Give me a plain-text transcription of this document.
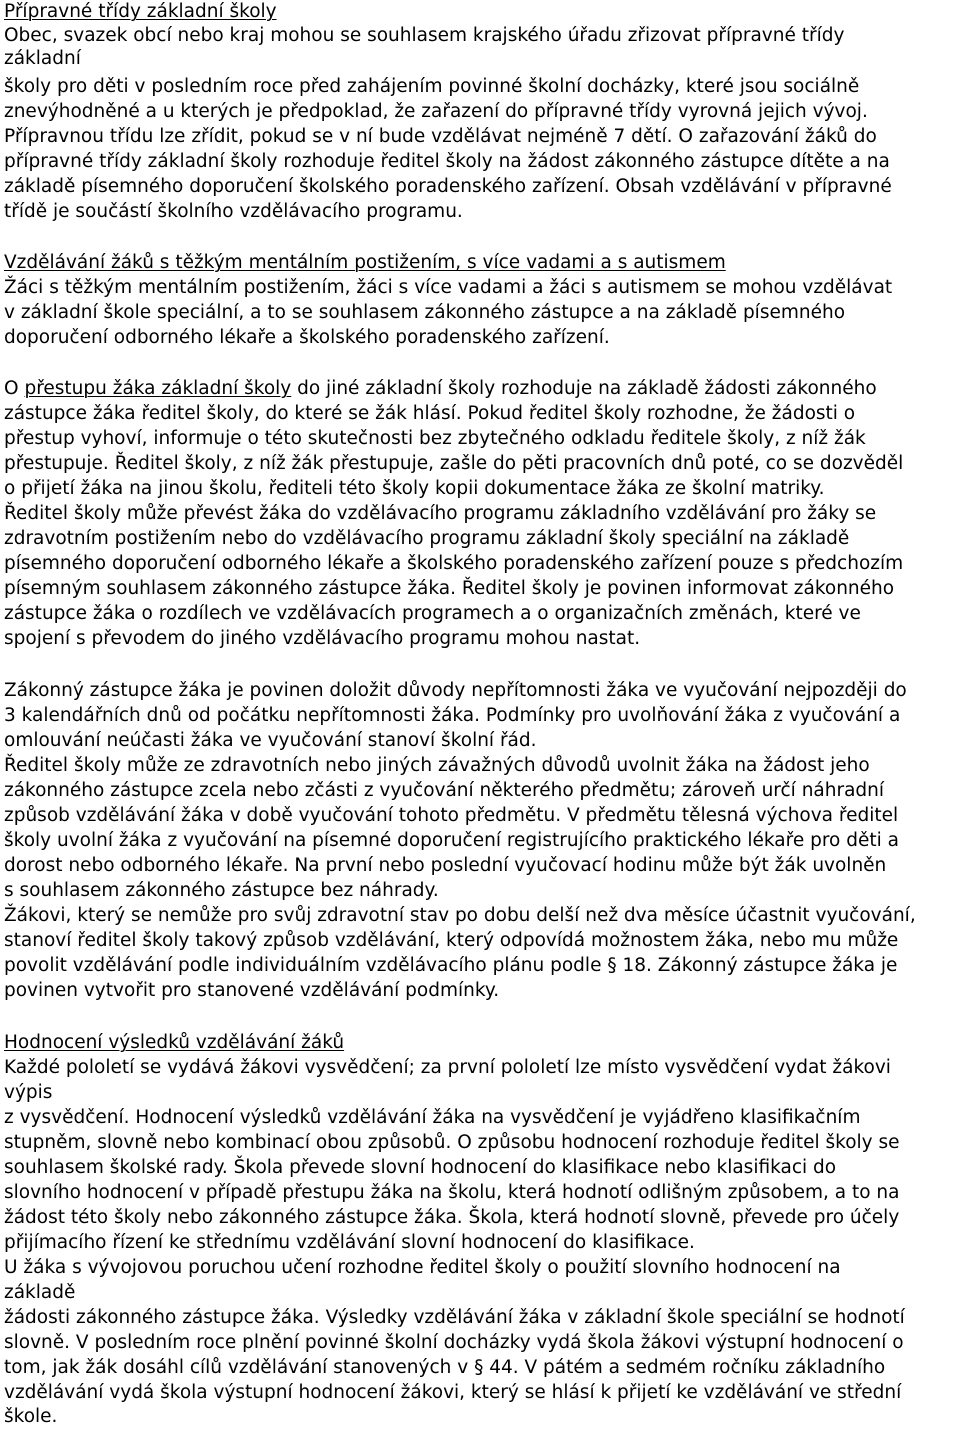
Přípravné třídy základní školy
Obec, svazek obcí nebo kraj mohou se souhlasem krajského úřadu zřizovat přípravné třídy
základní
školy pro děti v posledním roce před zahájením povinné školní docházky, které jsou sociálně
znevýhodněné a u kterých je předpoklad, že zařazení do přípravné třídy vyrovná jejich vývoj.
Přípravnou třídu lze zřídit, pokud se v ní bude vzdělávat nejméně 7 dětí. O zařazování žáků do
přípravné třídy základní školy rozhoduje ředitel školy na žádost zákonného zástupce dítěte a na
základě písemného doporučení školského poradenského zařízení. Obsah vzdělávání v přípravné
třídě je součástí školního vzdělávacího programu.
Vzdělávání žáků s těžkým mentálním postižením, s více vadami a s autismem
Žáci s těžkým mentálním postižením, žáci s více vadami a žáci s autismem se mohou vzdělávat
v základní škole speciální, a to se souhlasem zákonného zástupce a na základě písemného
doporučení odborného lékaře a školského poradenského zařízení.
O přestupu žáka základní školy do jiné základní školy rozhoduje na základě žádosti zákonného
zástupce žáka ředitel školy, do které se žák hlásí. Pokud ředitel školy rozhodne, že žádosti o
přestup vyhoví, informuje o této skutečnosti bez zbytečného odkladu ředitele školy, z níž žák
přestupuje. Ředitel školy, z níž žák přestupuje, zašle do pěti pracovních dnů poté, co se dozvěděl
o přijetí žáka na jinou školu, řediteli této školy kopii dokumentace žáka ze školní matriky.
Ředitel školy může převést žáka do vzdělávacího programu základního vzdělávání pro žáky se
zdravotním postižením nebo do vzdělávacího programu základní školy speciální na základě
písemného doporučení odborného lékaře a školského poradenského zařízení pouze s předchozím
písemným souhlasem zákonného zástupce žáka. Ředitel školy je povinen informovat zákonného
zástupce žáka o rozdílech ve vzdělávacích programech a o organizačních změnách, které ve
spojení s převodem do jiného vzdělávacího programu mohou nastat.
Zákonný zástupce žáka je povinen doložit důvody nepřítomnosti žáka ve vyučování nejpozději do
3 kalendářních dnů od počátku nepřítomnosti žáka. Podmínky pro uvolňování žáka z vyučování a
omlouvání neúčasti žáka ve vyučování stanoví školní řád.
Ředitel školy může ze zdravotních nebo jiných závažných důvodů uvolnit žáka na žádost jeho
zákonného zástupce zcela nebo zčásti z vyučování některého předmětu; zároveň určí náhradní
způsob vzdělávání žáka v době vyučování tohoto předmětu. V předmětu tělesná výchova ředitel
školy uvolní žáka z vyučování na písemné doporučení registrujícího praktického lékaře pro děti a
dorost nebo odborného lékaře. Na první nebo poslední vyučovací hodinu může být žák uvolněn
s souhlasem zákonného zástupce bez náhrady.
Žákovi, který se nemůže pro svůj zdravotní stav po dobu delší než dva měsíce účastnit vyučování,
stanoví ředitel školy takový způsob vzdělávání, který odpovídá možnostem žáka, nebo mu může
povolit vzdělávání podle individuálním vzdělávacího plánu podle § 18. Zákonný zástupce žáka je
povinen vytvořit pro stanovené vzdělávání podmínky.
Hodnocení výsledků vzdělávání žáků
Každé pololetí se vydává žákovi vysvědčení; za první pololetí lze místo vysvědčení vydat žákovi
výpis
z vysvědčení. Hodnocení výsledků vzdělávání žáka na vysvědčení je vyjádřeno klasifikačním
stupněm, slovně nebo kombinací obou způsobů. O způsobu hodnocení rozhoduje ředitel školy se
souhlasem školské rady. Škola převede slovní hodnocení do klasifikace nebo klasifikaci do
slovního hodnocení v případě přestupu žáka na školu, která hodnotí odlišným způsobem, a to na
žádost této školy nebo zákonného zástupce žáka. Škola, která hodnotí slovně, převede pro účely
přijímacího řízení ke střednímu vzdělávání slovní hodnocení do klasifikace.
U žáka s vývojovou poruchou učení rozhodne ředitel školy o použití slovního hodnocení na
základě
žádosti zákonného zástupce žáka. Výsledky vzdělávání žáka v základní škole speciální se hodnotí
slovně. V posledním roce plnění povinné školní docházky vydá škola žákovi výstupní hodnocení o
tom, jak žák dosáhl cílů vzdělávání stanovených v § 44. V pátém a sedmém ročníku základního
vzdělávání vydá škola výstupní hodnocení žákovi, který se hlásí k přijetí ke vzdělávání ve střední
škole.
